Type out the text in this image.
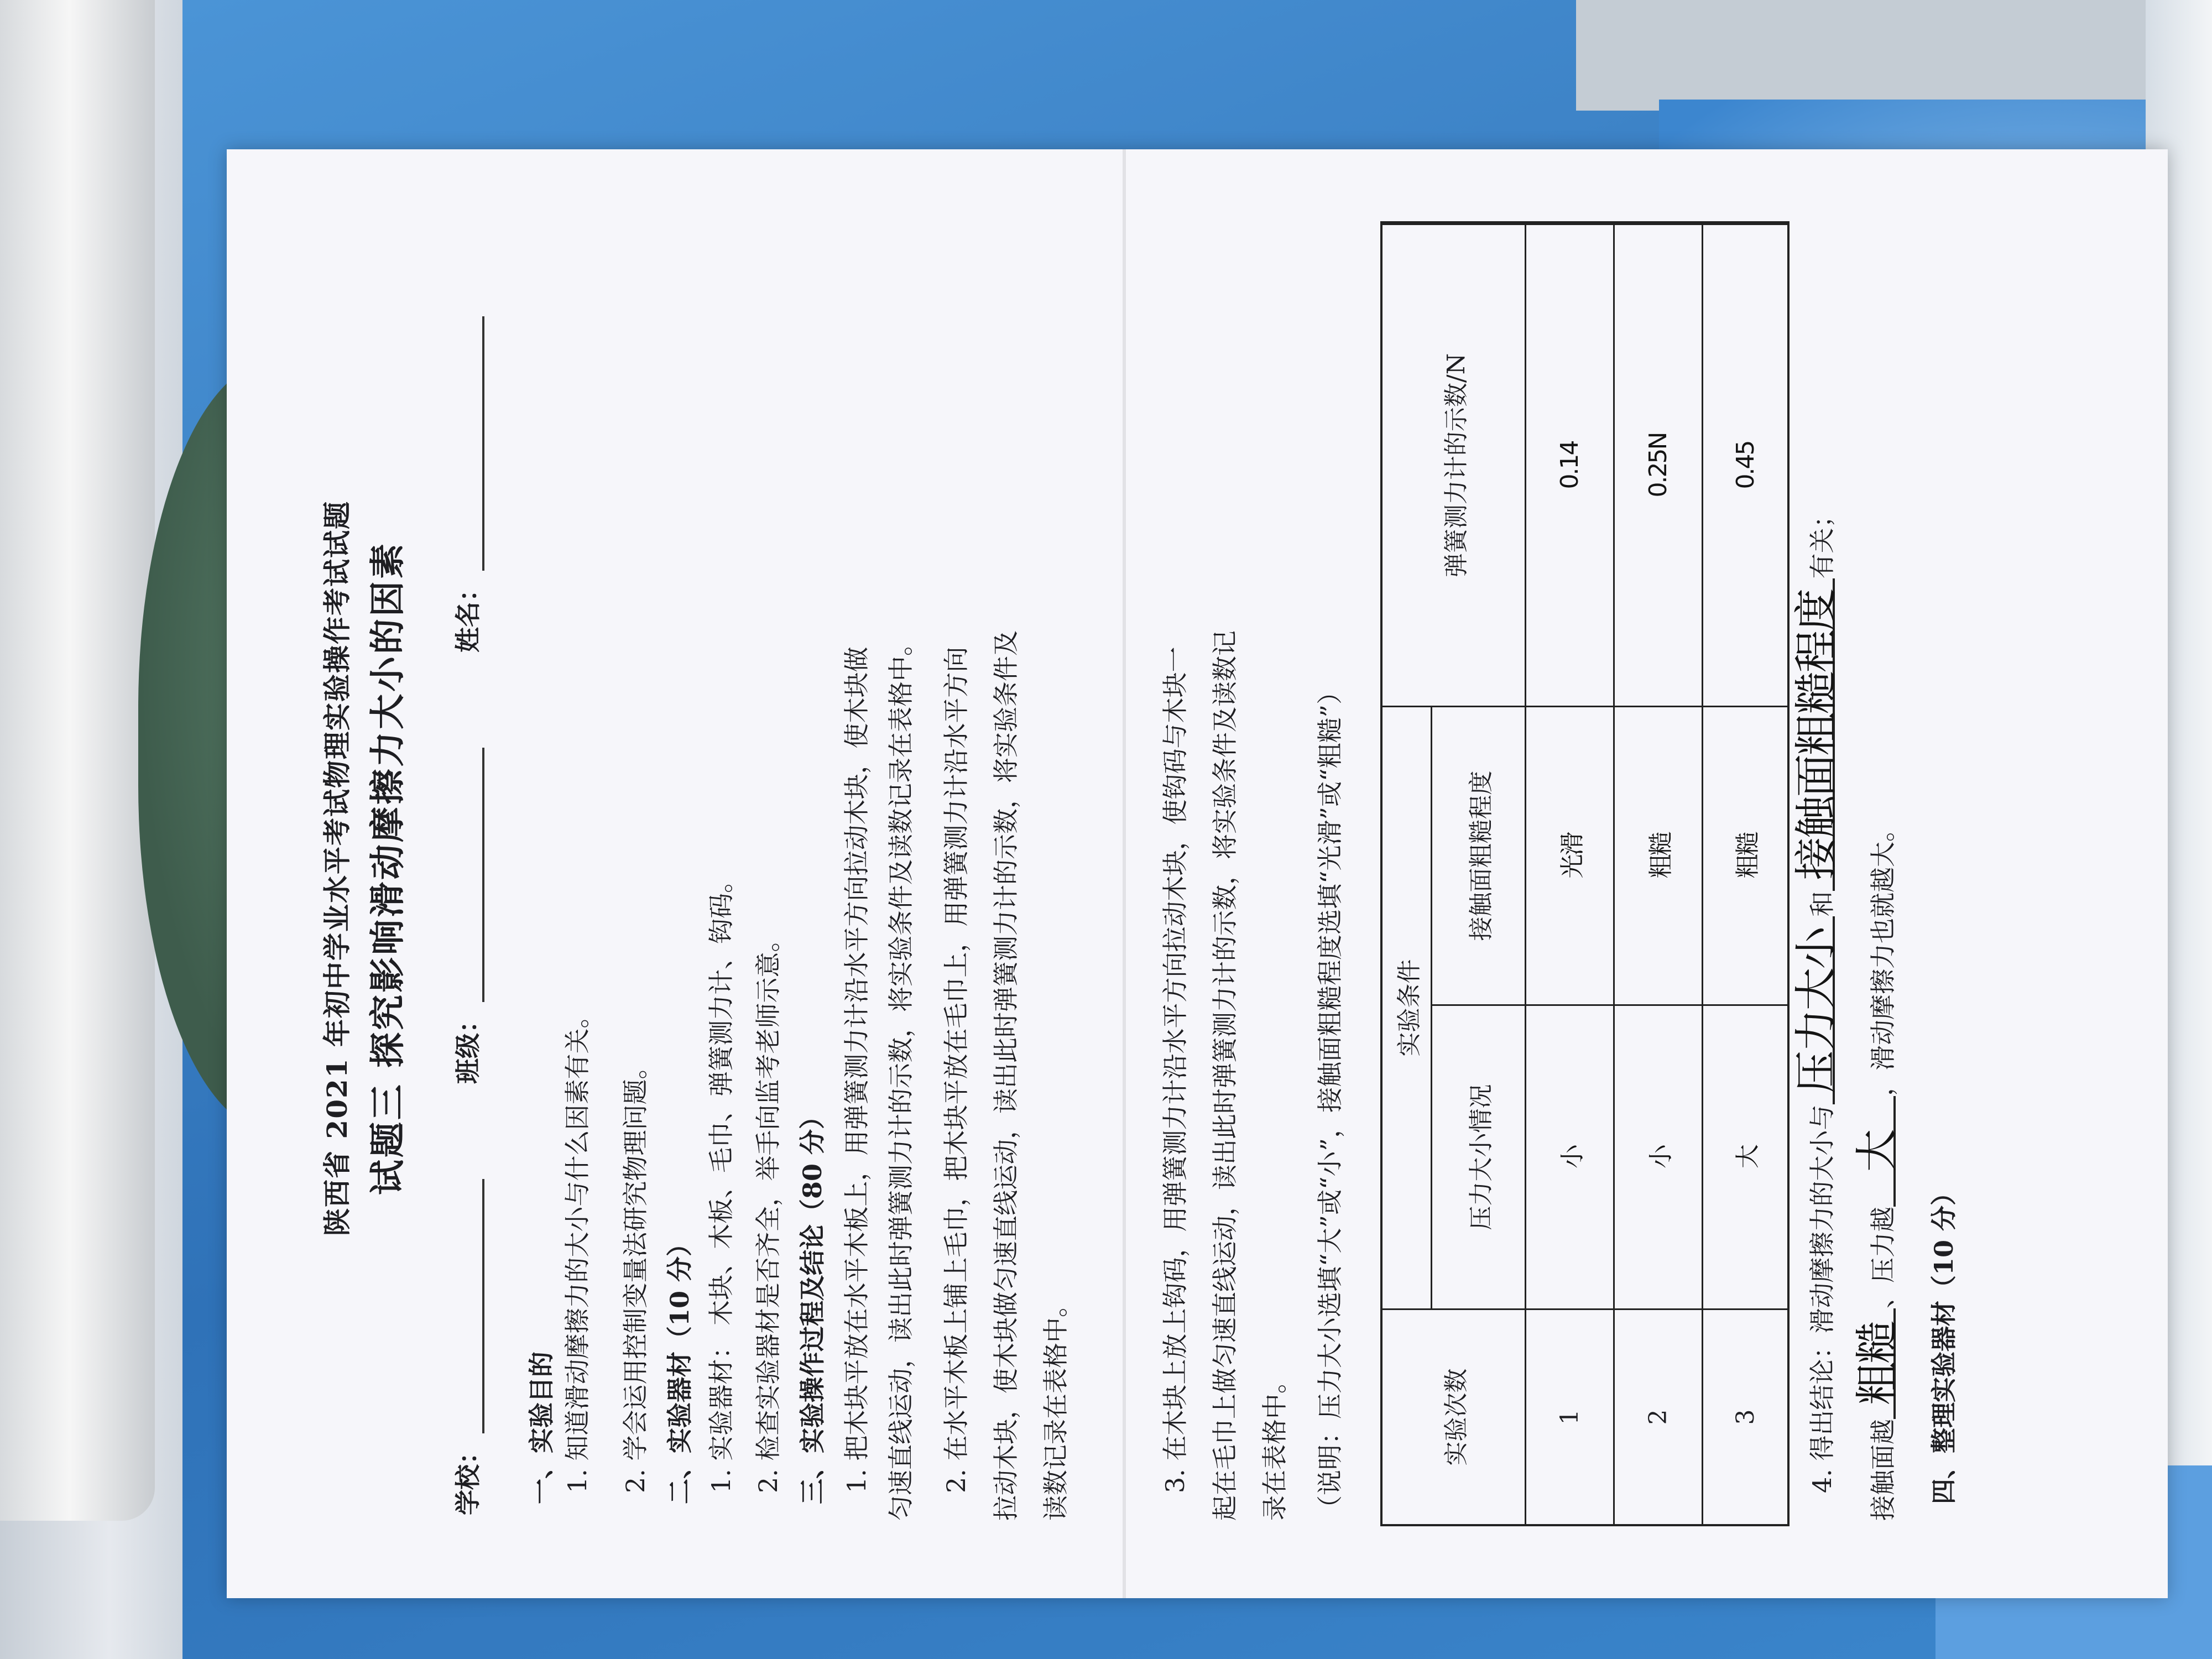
陕西省 2021 年初中学业水平考试物理实验操作考试试题 试题三 探究影响滑动摩擦力大小的因素
学校：
班级：
姓名：
一、实验目的 1. 知道滑动摩擦力的大小与什么因素有关。 2. 学会运用控制变量法研究物理问题。 二、实验器材（10 分） 1. 实验器材： 木块、木板、毛巾、弹簧测力计、钩码。 2. 检查实验器材是否齐全，举手向监考老师示意。 三、实验操作过程及结论（80 分） 1. 把木块平放在水平木板上，用弹簧测力计沿水平方向拉动木块，使木块做 匀速直线运动，读出此时弹簧测力计的示数，将实验条件及读数记录在表格中。 2. 在水平木板上铺上毛巾，把木块平放在毛巾上，用弹簧测力计沿水平方向 拉动木块，使木块做匀速直线运动，读出此时弹簧测力计的示数，将实验条件及 读数记录在表格中。	3. 在木块上放上钩码，用弹簧测力计沿水平方向拉动木块，使钩码与木块一 起在毛巾上做匀速直线运动，读出此时弹簧测力计的示数，将实验条件及读数记 录在表格中。 （说明：压力大小选填“大”或“小”，接触面粗糙程度选填“光滑”或“粗糙”）	实验次数
实验条件
压力大小情况
接触面粗糙程度
弹簧测力计的示数/N
1
小
光滑
0.14
2
小
粗糙
0.25N
3
大
粗糙
0.45
4. 得出结论：滑动摩擦力的大小与压力大小和接触面粗糙程度有关；
接触面越粗糙、压力越大，滑动摩擦力也就越大。
四、整理实验器材（10 分）
